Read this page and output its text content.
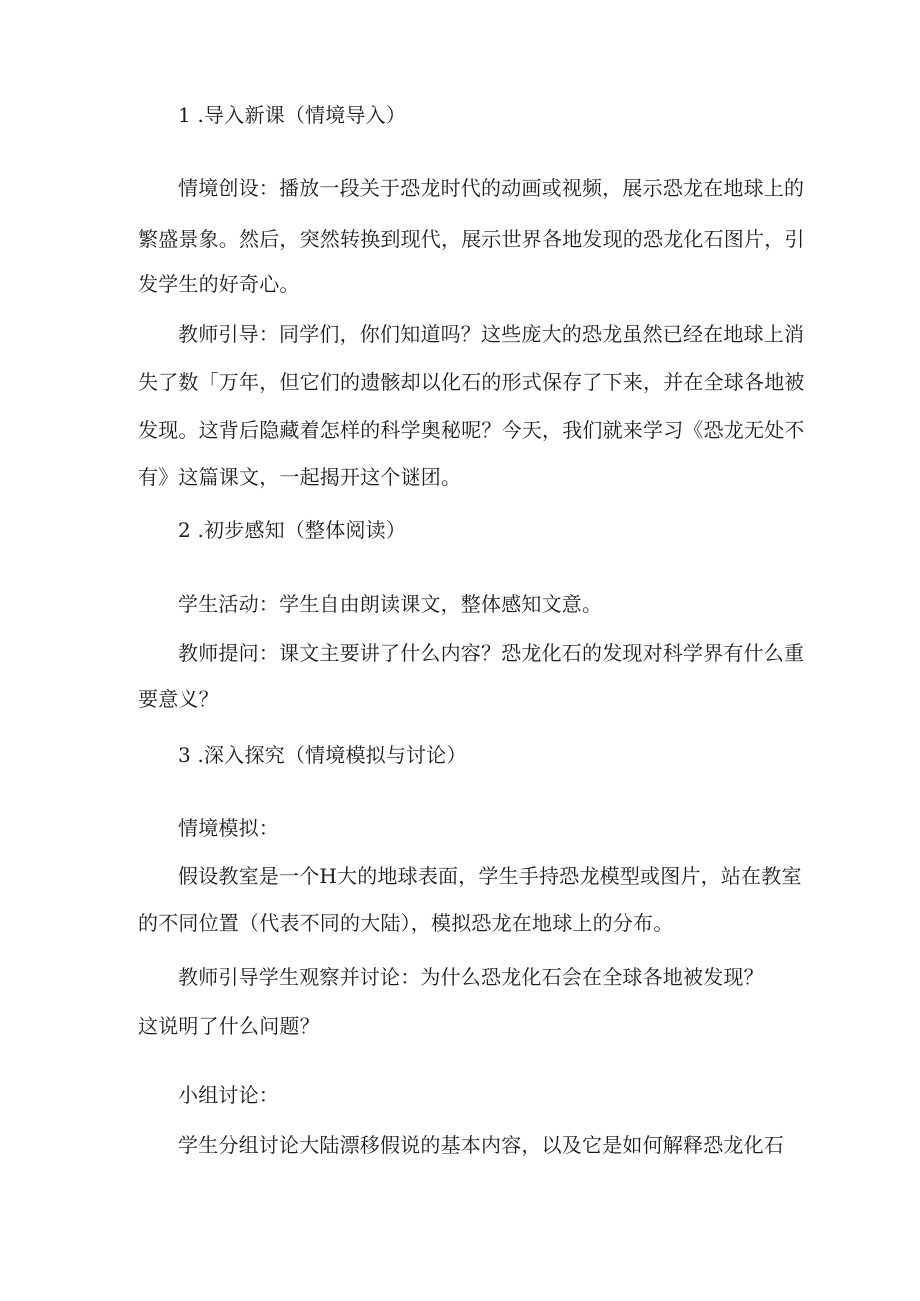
1 .导入新课（情境导入）
情境创设：播放一段关于恐龙时代的动画或视频，展示恐龙在地球上的
繁盛景象。然后，突然转换到现代，展示世界各地发现的恐龙化石图片，引
发学生的好奇心。
教师引导：同学们，你们知道吗？这些庞大的恐龙虽然已经在地球上消
失了数「万年，但它们的遗骸却以化石的形式保存了下来，并在全球各地被
发现。这背后隐藏着怎样的科学奥秘呢？今天，我们就来学习《恐龙无处不
有》这篇课文，一起揭开这个谜团。
2 .初步感知（整体阅读）
学生活动：学生自由朗读课文，整体感知文意。
教师提问：课文主要讲了什么内容？恐龙化石的发现对科学界有什么重
要意义？
3 .深入探究（情境模拟与讨论）
情境模拟：
假设教室是一个H大的地球表面，学生手持恐龙模型或图片，站在教室
的不同位置（代表不同的大陆），模拟恐龙在地球上的分布。
教师引导学生观察并讨论：为什么恐龙化石会在全球各地被发现？
这说明了什么问题？
小组讨论：
学生分组讨论大陆漂移假说的基本内容，以及它是如何解释恐龙化石
